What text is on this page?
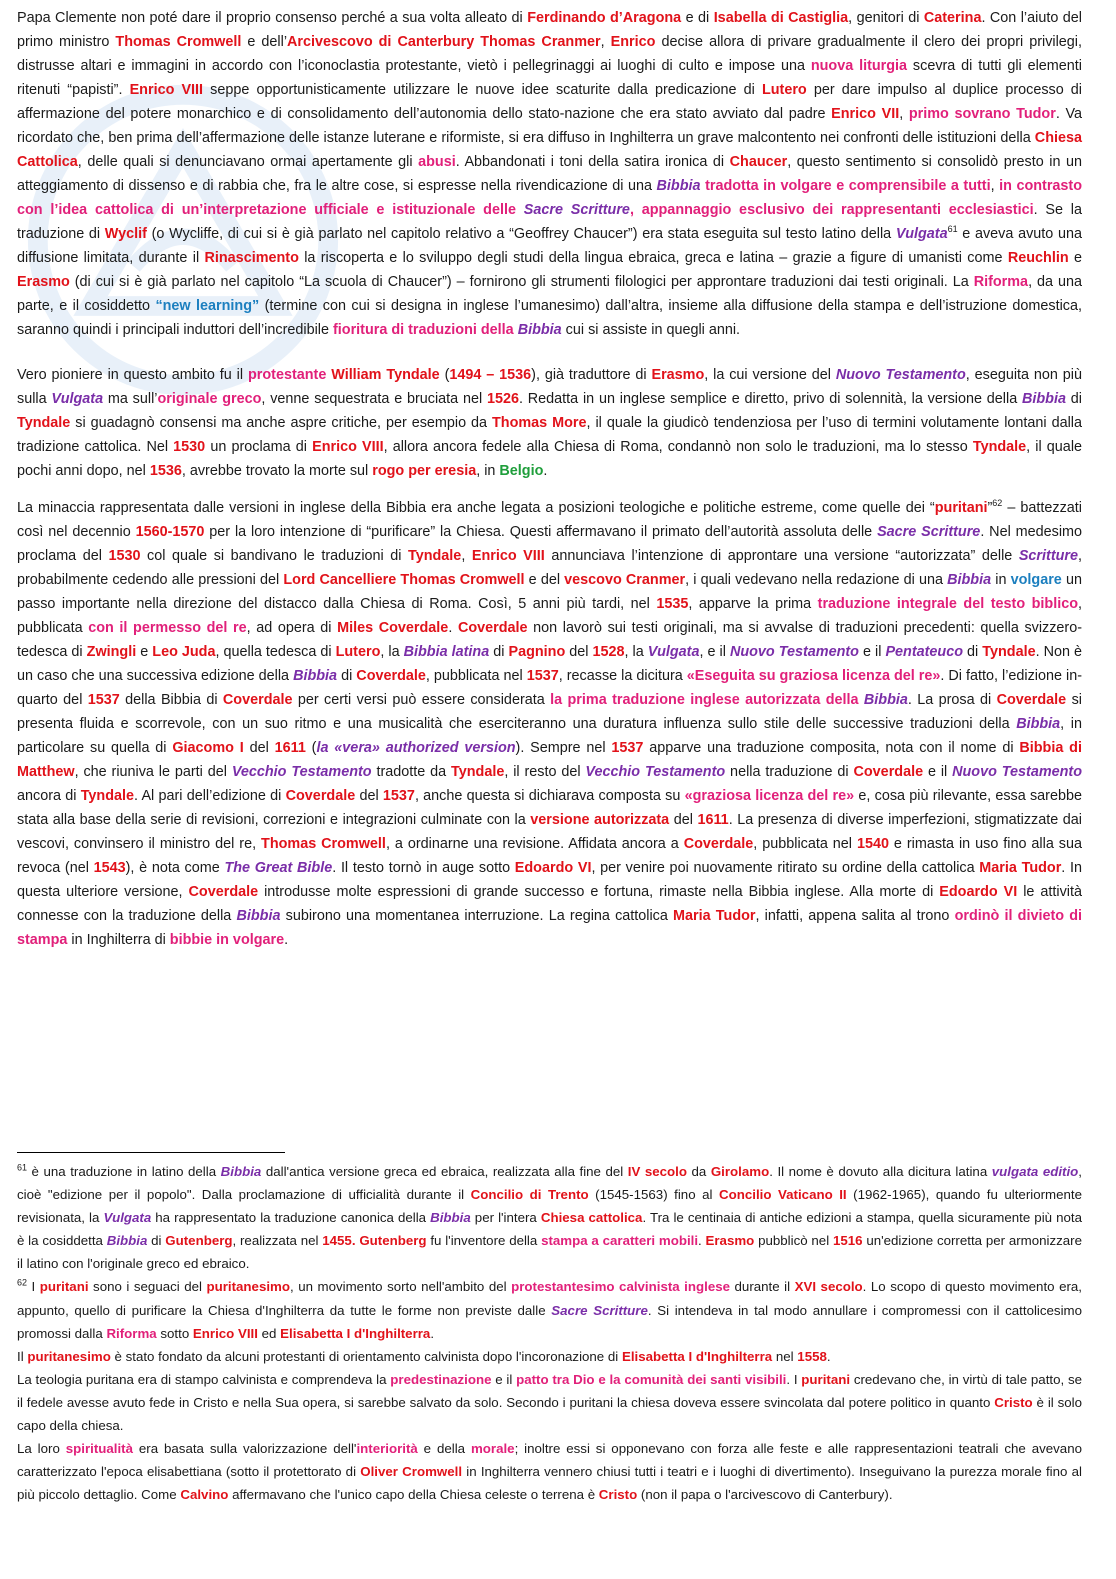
Papa Clemente non poté dare il proprio consenso perché a sua volta alleato di Ferdinando d’Aragona e di Isabella di Castiglia, genitori di Caterina. Con l’aiuto del primo ministro Thomas Cromwell e dell’Arcivescovo di Canterbury Thomas Cranmer, Enrico decise allora di privare gradualmente il clero dei propri privilegi, distrusse altari e immagini in accordo con l’iconoclastia protestante, vietò i pellegrinaggi ai luoghi di culto e impose una nuova liturgia scevra di tutti gli elementi ritenuti “papisti”. Enrico VIII seppe opportunisticamente utilizzare le nuove idee scaturite dalla predicazione di Lutero per dare impulso al duplice processo di affermazione del potere monarchico e di consolidamento dell’autonomia dello stato-nazione che era stato avviato dal padre Enrico VII, primo sovrano Tudor. Va ricordato che, ben prima dell’affermazione delle istanze luterane e riformiste, si era diffuso in Inghilterra un grave malcontento nei confronti delle istituzioni della Chiesa Cattolica, delle quali si denunciavano ormai apertamente gli abusi. Abbandonati i toni della satira ironica di Chaucer, questo sentimento si consolidò presto in un atteggiamento di dissenso e di rabbia che, fra le altre cose, si espresse nella rivendicazione di una Bibbia tradotta in volgare e comprensibile a tutti, in contrasto con l’idea cattolica di un’interpretazione ufficiale e istituzionale delle Sacre Scritture, appannaggio esclusivo dei rappresentanti ecclesiastici. Se la traduzione di Wyclif (o Wycliffe, di cui si è già parlato nel capitolo relativo a “Geoffrey Chaucer”) era stata eseguita sul testo latino della Vulgata$^{61}$ e aveva avuto una diffusione limitata, durante il Rinascimento la riscoperta e lo sviluppo degli studi della lingua ebraica, greca e latina – grazie a figure di umanisti come Reuchlin e Erasmo (di cui si è già parlato nel capitolo “La scuola di Chaucer”) – fornirono gli strumenti filologici per approntare traduzioni dai testi originali. La Riforma, da una parte, e il cosiddetto “new learning” (termine con cui si designa in inglese l’umanesimo) dall’altra, insieme alla diffusione della stampa e dell’istruzione domestica, saranno quindi i principali induttori dell’incredibile fioritura di traduzioni della Bibbia cui si assiste in quegli anni.

Vero pioniere in questo ambito fu il protestante William Tyndale (1494 – 1536), già traduttore di Erasmo, la cui versione del Nuovo Testamento, eseguita non più sulla Vulgata ma sull’originale greco, venne sequestrata e bruciata nel 1526. Redatta in un inglese semplice e diretto, privo di solennità, la versione della Bibbia di Tyndale si guadagnò consensi ma anche aspre critiche, per esempio da Thomas More, il quale la giudicò tendenziosa per l’uso di termini volutamente lontani dalla tradizione cattolica. Nel 1530 un proclama di Enrico VIII, allora ancora fedele alla Chiesa di Roma, condannò non solo le traduzioni, ma lo stesso Tyndale, il quale pochi anni dopo, nel 1536, avrebbe trovato la morte sul rogo per eresia, in Belgio.

La minaccia rappresentata dalle versioni in inglese della Bibbia era anche legata a posizioni teologiche e politiche estreme, come quelle dei “puritani”$^{62}$ – battezzati così nel decennio 1560-1570 per la loro intenzione di “purificare” la Chiesa. Questi affermavano il primato dell’autorità assoluta delle Sacre Scritture. Nel medesimo proclama del 1530 col quale si bandivano le traduzioni di Tyndale, Enrico VIII annunciava l’intenzione di approntare una versione “autorizzata” delle Scritture, probabilmente cedendo alle pressioni del Lord Cancelliere Thomas Cromwell e del vescovo Cranmer, i quali vedevano nella redazione di una Bibbia in volgare un passo importante nella direzione del distacco dalla Chiesa di Roma. Così, 5 anni più tardi, nel 1535, apparve la prima traduzione integrale del testo biblico, pubblicata con il permesso del re, ad opera di Miles Coverdale. Coverdale non lavorò sui testi originali, ma si avvalse di traduzioni precedenti: quella svizzero-tedesca di Zwingli e Leo Juda, quella tedesca di Lutero, la Bibbia latina di Pagnino del 1528, la Vulgata, e il Nuovo Testamento e il Pentateuco di Tyndale. Non è un caso che una successiva edizione della Bibbia di Coverdale, pubblicata nel 1537, recasse la dicitura «Eseguita su graziosa licenza del re». Di fatto, l’edizione in-quarto del 1537 della Bibbia di Coverdale per certi versi può essere considerata la prima traduzione inglese autorizzata della Bibbia. La prosa di Coverdale si presenta fluida e scorrevole, con un suo ritmo e una musicalità che eserciteranno una duratura influenza sullo stile delle successive traduzioni della Bibbia, in particolare su quella di Giacomo I del 1611 (la «vera» authorized version). Sempre nel 1537 apparve una traduzione composita, nota con il nome di Bibbia di Matthew, che riuniva le parti del Vecchio Testamento tradotte da Tyndale, il resto del Vecchio Testamento nella traduzione di Coverdale e il Nuovo Testamento ancora di Tyndale. Al pari dell’edizione di Coverdale del 1537, anche questa si dichiarava composta su «graziosa licenza del re» e, cosa più rilevante, essa sarebbe stata alla base della serie di revisioni, correzioni e integrazioni culminate con la versione autorizzata del 1611. La presenza di diverse imperfezioni, stigmatizzate dai vescovi, convinsero il ministro del re, Thomas Cromwell, a ordinarne una revisione. Affidata ancora a Coverdale, pubblicata nel 1540 e rimasta in uso fino alla sua revoca (nel 1543), è nota come The Great Bible. Il testo tornò in auge sotto Edoardo VI, per venire poi nuovamente ritirato su ordine della cattolica Maria Tudor. In questa ulteriore versione, Coverdale introdusse molte espressioni di grande successo e fortuna, rimaste nella Bibbia inglese. Alla morte di Edoardo VI le attività connesse con la traduzione della Bibbia subirono una momentanea interruzione. La regina cattolica Maria Tudor, infatti, appena salita al trono ordinò il divieto di stampa in Inghilterra di bibbie in volgare.

$^{61}$ è una traduzione in latino della Bibbia dall'antica versione greca ed ebraica, realizzata alla fine del IV secolo da Girolamo. Il nome è dovuto alla dicitura latina vulgata editio, cioè "edizione per il popolo". Dalla proclamazione di ufficialità durante il Concilio di Trento (1545-1563) fino al Concilio Vaticano II (1962-1965), quando fu ulteriormente revisionata, la Vulgata ha rappresentato la traduzione canonica della Bibbia per l'intera Chiesa cattolica. Tra le centinaia di antiche edizioni a stampa, quella sicuramente più nota è la cosiddetta Bibbia di Gutenberg, realizzata nel 1455. Gutenberg fu l'inventore della stampa a caratteri mobili. Erasmo pubblicò nel 1516 un'edizione corretta per armonizzare il latino con l'originale greco ed ebraico.

$^{62}$ I puritani sono i seguaci del puritanesimo, un movimento sorto nell'ambito del protestantesimo calvinista inglese durante il XVI secolo. Lo scopo di questo movimento era, appunto, quello di purificare la Chiesa d'Inghilterra da tutte le forme non previste dalle Sacre Scritture. Si intendeva in tal modo annullare i compromessi con il cattolicesimo promossi dalla Riforma sotto Enrico VIII ed Elisabetta I d'Inghilterra.

Il puritanesimo è stato fondato da alcuni protestanti di orientamento calvinista dopo l'incoronazione di Elisabetta I d'Inghilterra nel 1558.

La teologia puritana era di stampo calvinista e comprendeva la predestinazione e il patto tra Dio e la comunità dei santi visibili. I puritani credevano che, in virtù di tale patto, se il fedele avesse avuto fede in Cristo e nella Sua opera, si sarebbe salvato da solo. Secondo i puritani la chiesa doveva essere svincolata dal potere politico in quanto Cristo è il solo capo della chiesa.

La loro spiritualità era basata sulla valorizzazione dell'interiorità e della morale; inoltre essi si opponevano con forza alle feste e alle rappresentazioni teatrali che avevano caratterizzato l'epoca elisabettiana (sotto il protettorato di Oliver Cromwell in Inghilterra vennero chiusi tutti i teatri e i luoghi di divertimento). Inseguivano la purezza morale fino al più piccolo dettaglio. Come Calvino affermavano che l'unico capo della Chiesa celeste o terrena è Cristo (non il papa o l'arcivescovo di Canterbury).
